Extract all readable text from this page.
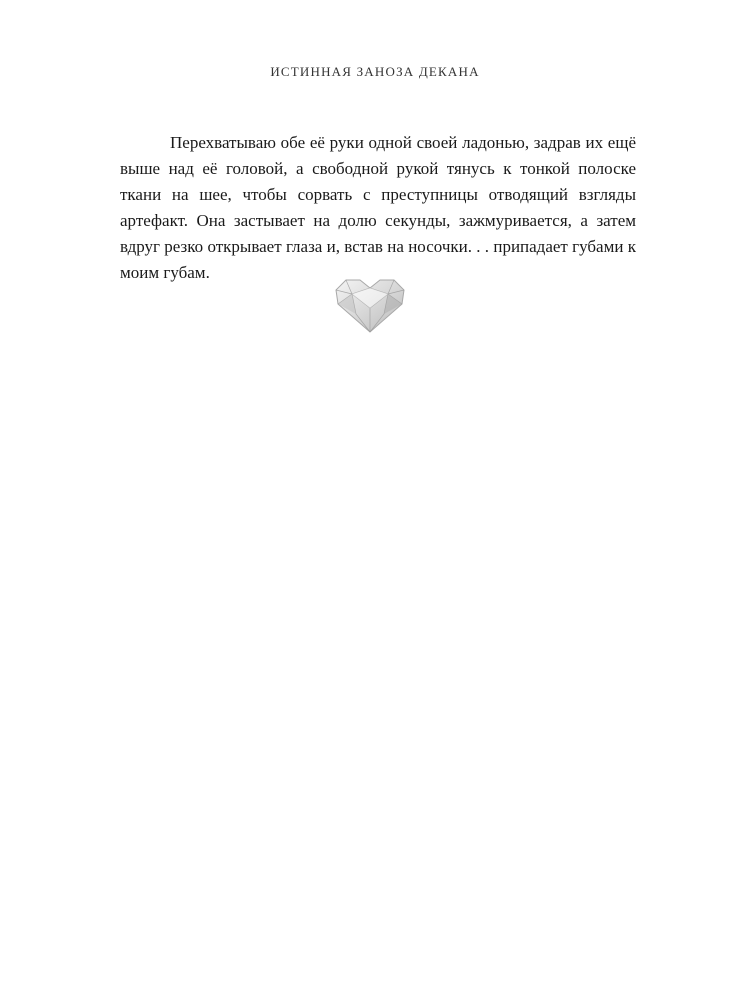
ИСТИННАЯ ЗАНОЗА ДЕКАНА

Перехватываю обе её руки одной своей ладонью, задрав их ещё выше над её головой, а свободной рукой тянусь к тонкой полоске ткани на шее, чтобы сорвать с преступницы отводящий взгляды артефакт. Она застывает на долю секунды, зажмуривается, а затем вдруг резко открывает глаза и, встав на носочки. . . припадает губами к моим губам.
